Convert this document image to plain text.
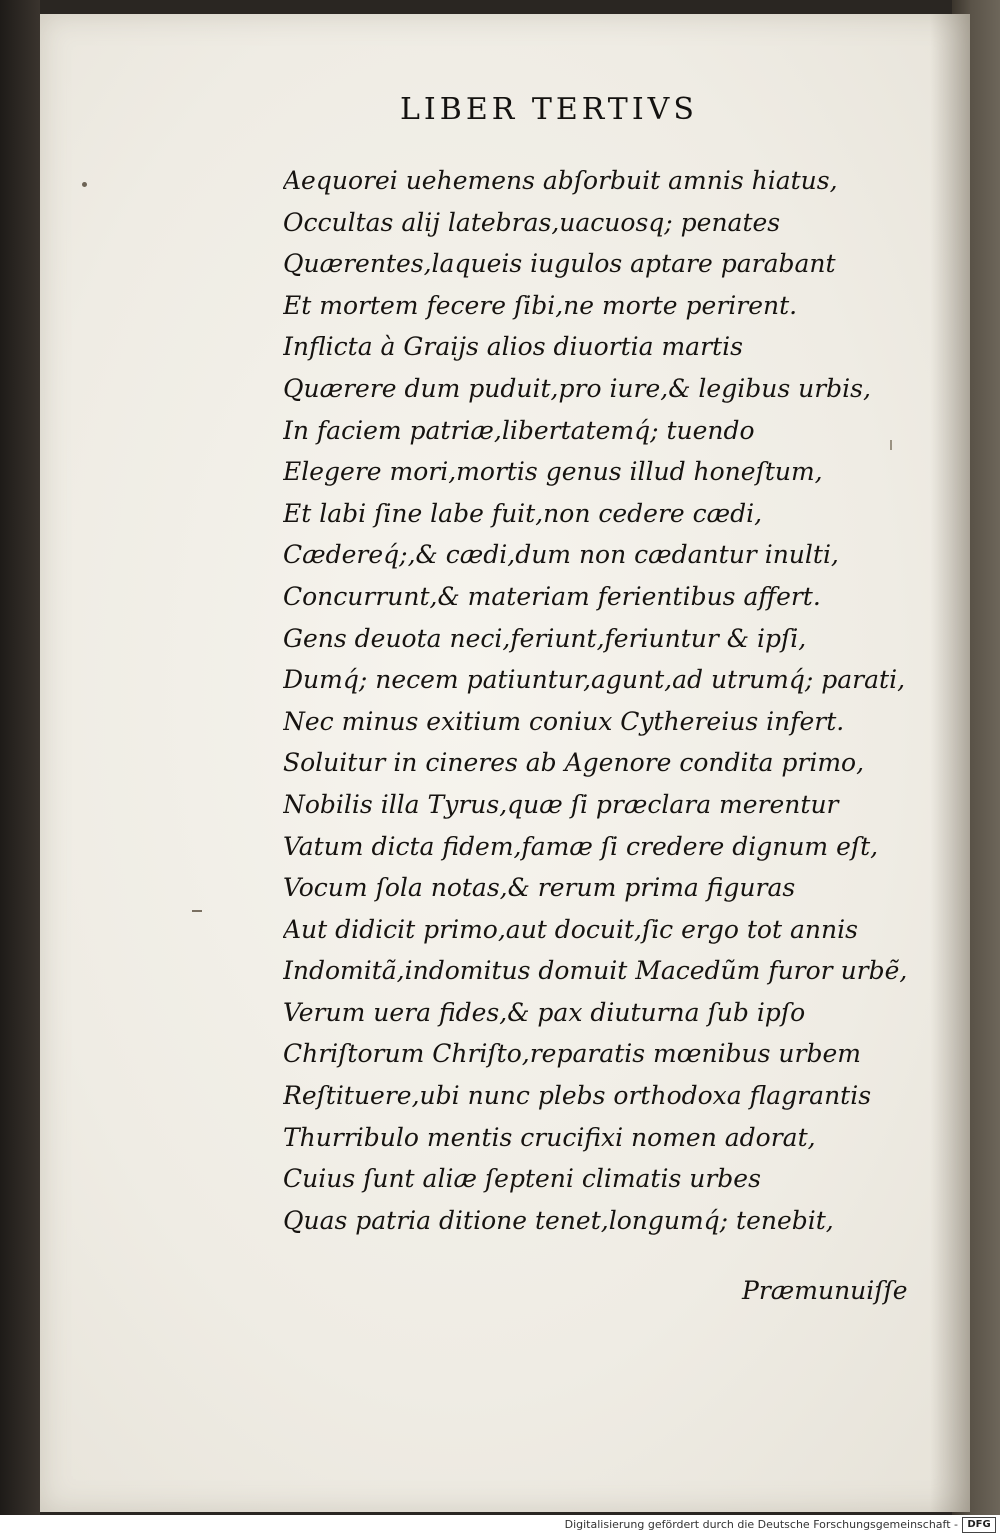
LIBER TERTIVS
Aequorei uehemens abſorbuit amnis hiatus,
Occultas alij latebras,uacuosq; penates
Quærentes,laqueis iugulos aptare parabant
Et mortem fecere ſibi,ne morte perirent.
Inflicta à Graijs alios diuortia martis
Quærere dum puduit,pro iure,& legibus urbis,
In faciem patriæ,libertatemq́; tuendo
Elegere mori,mortis genus illud honeſtum,
Et labi ſine labe fuit,non cedere cædi,
Cædereq́;,& cædi,dum non cædantur inulti,
Concurrunt,& materiam ferientibus affert.
Gens deuota neci,feriunt,feriuntur & ipſi,
Dumq́; necem patiuntur,agunt,ad utrumq́; parati,
Nec minus exitium coniux Cythereius infert.
Soluitur in cineres ab Agenore condita primo,
Nobilis illa Tyrus,quæ ſi præclara merentur
Vatum dicta fidem,famæ ſi credere dignum eſt,
Vocum ſola notas,& rerum prima figuras
Aut didicit primo,aut docuit,ſic ergo tot annis
Indomitã,indomitus domuit Macedũm furor urbẽ,
Verum uera fides,& pax diuturna ſub ipſo
Chriſtorum Chriſto,reparatis mœnibus urbem
Reſtituere,ubi nunc plebs orthodoxa flagrantis
Thurribulo mentis crucifixi nomen adorat,
Cuius ſunt aliæ ſepteni climatis urbes
Quas patria ditione tenet,longumq́; tenebit,
Præmunuiſſe
Digitalisierung gefördert durch die Deutsche Forschungsgemeinschaft - DFG
